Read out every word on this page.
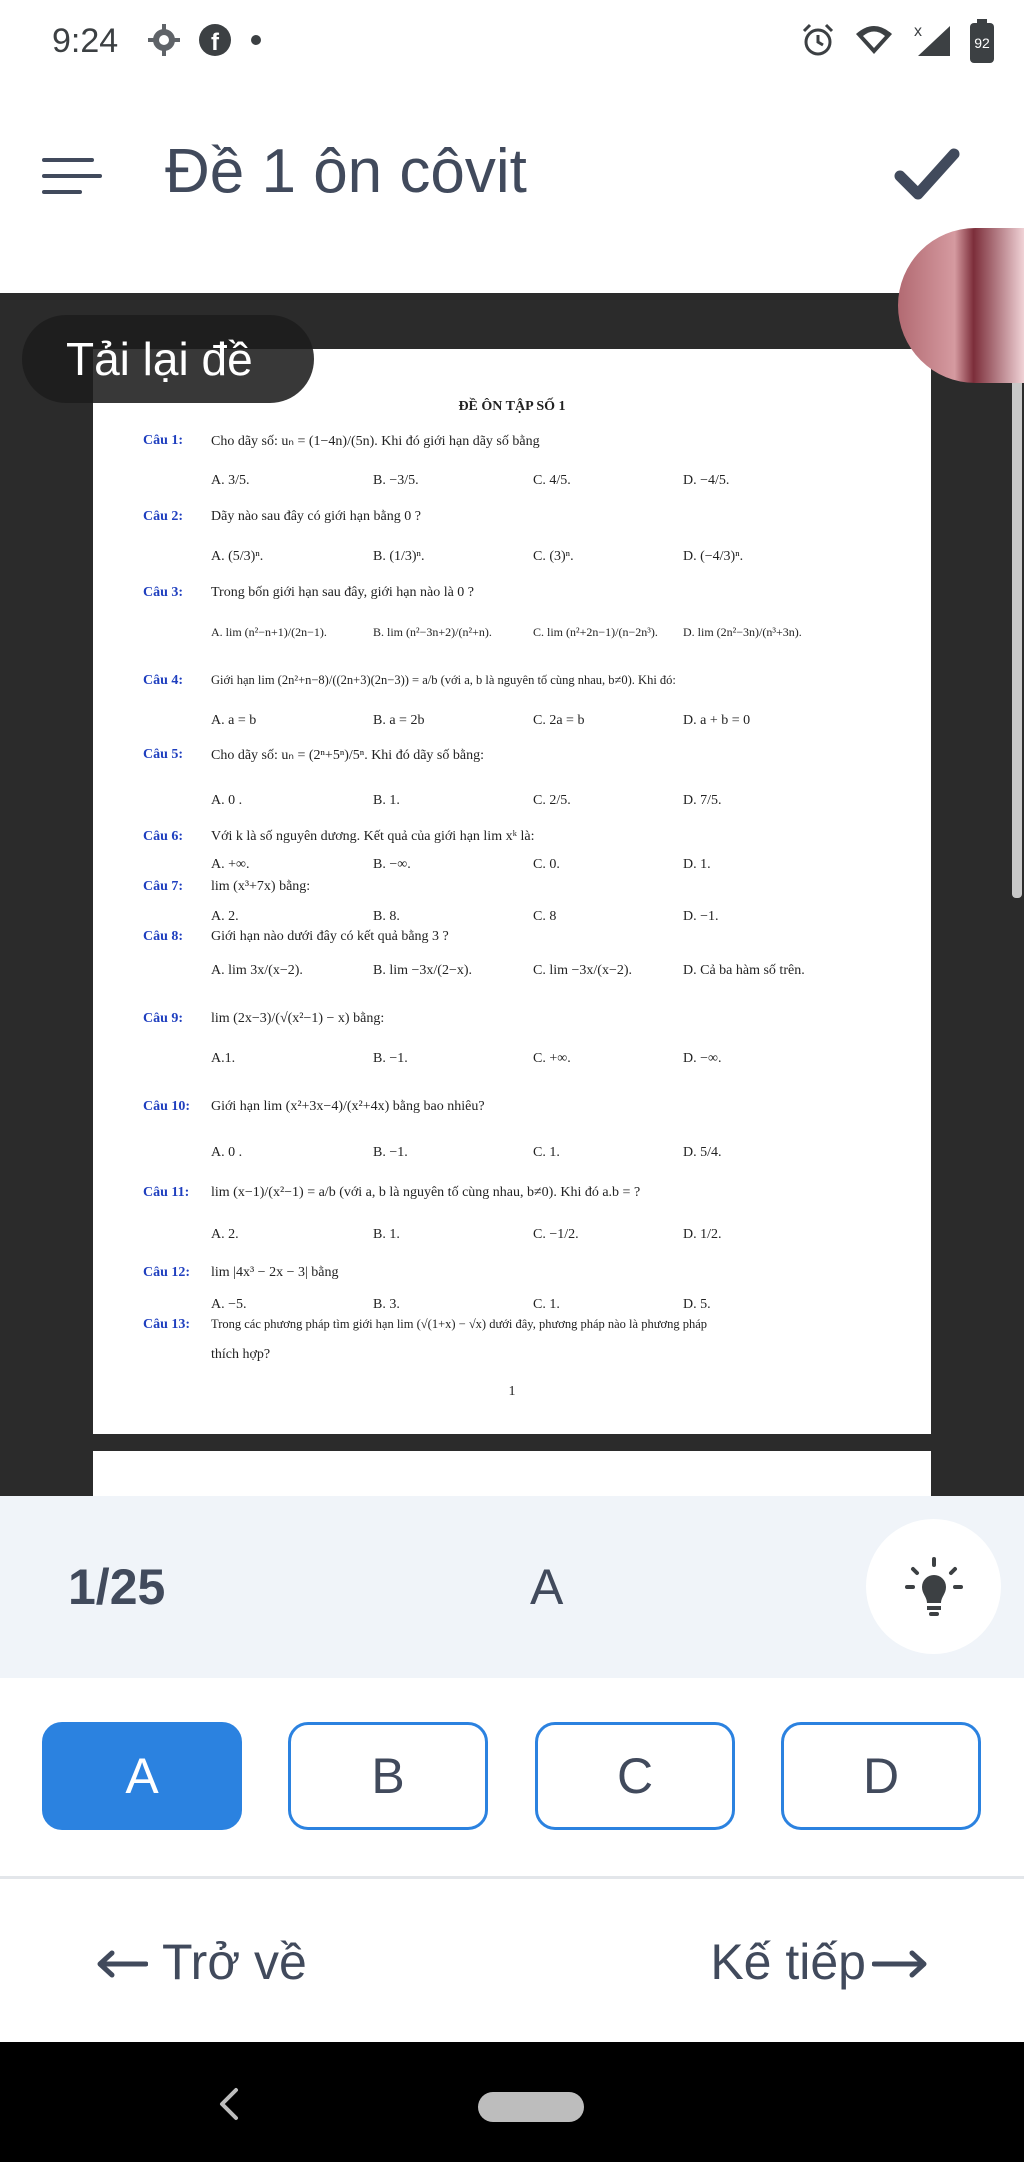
9:24	f	x
92
Đề 1 ôn côvit
ĐỀ ÔN TẬP SỐ 1
Câu 1: Cho dãy số: uₙ = (1−4n)/(5n). Khi đó giới hạn dãy số bằng
A. 3/5.	B. −3/5.	C. 4/5.	D. −4/5.
Câu 2: Dãy nào sau đây có giới hạn bằng 0 ?
A. (5/3)ⁿ.	B. (1/3)ⁿ.	C. (3)ⁿ.	D. (−4/3)ⁿ.
Câu 3: Trong bốn giới hạn sau đây, giới hạn nào là 0 ?
A. lim (n²−n+1)/(2n−1).	B. lim (n²−3n+2)/(n²+n).	C. lim (n²+2n−1)/(n−2n³). D. lim (2n²−3n)/(n³+3n).
Câu 4: Giới hạn lim (2n²+n−8)/((2n+3)(2n−3)) = a/b (với a, b là nguyên tố cùng nhau, b≠0). Khi đó:
A. a = b	B. a = 2b	C. 2a = b	D. a + b = 0
Câu 5: Cho dãy số: uₙ = (2ⁿ+5ⁿ)/5ⁿ. Khi đó dãy số bằng:
A. 0 .	B. 1.	C. 2/5.	D. 7/5.
Câu 6: Với k là số nguyên dương. Kết quả của giới hạn lim xᵏ là:
A. +∞.	B. −∞.	C. 0.	D. 1.
Câu 7: lim (x³+7x) bằng:
A. 2.	B. 8.	C. 8	D. −1.
Câu 8: Giới hạn nào dưới đây có kết quả bằng 3 ?
A. lim 3x/(x−2).	B. lim −3x/(2−x).	C. lim −3x/(x−2).	D. Cả ba hàm số trên.
Câu 9: lim (2x−3)/(√(x²−1) − x) bằng:
A.1.	B. −1.	C. +∞.	D. −∞.
Câu 10: Giới hạn lim (x²+3x−4)/(x²+4x) bằng bao nhiêu?
A. 0 .	B. −1.	C. 1.	D. 5/4.
Câu 11: lim (x−1)/(x²−1) = a/b (với a, b là nguyên tố cùng nhau, b≠0). Khi đó a.b = ?
A. 2.	B. 1.	C. −1/2.	D. 1/2.
Câu 12: lim |4x³ − 2x − 3| bằng
A. −5.	B. 3.	C. 1.	D. 5.
Câu 13: Trong các phương pháp tìm giới hạn lim (√(1+x) − √x) dưới đây, phương pháp nào là phương pháp
thích hợp?
1
Tải lại đề
1/25	A
A	B	C	D
Trở về	Kế tiếp
